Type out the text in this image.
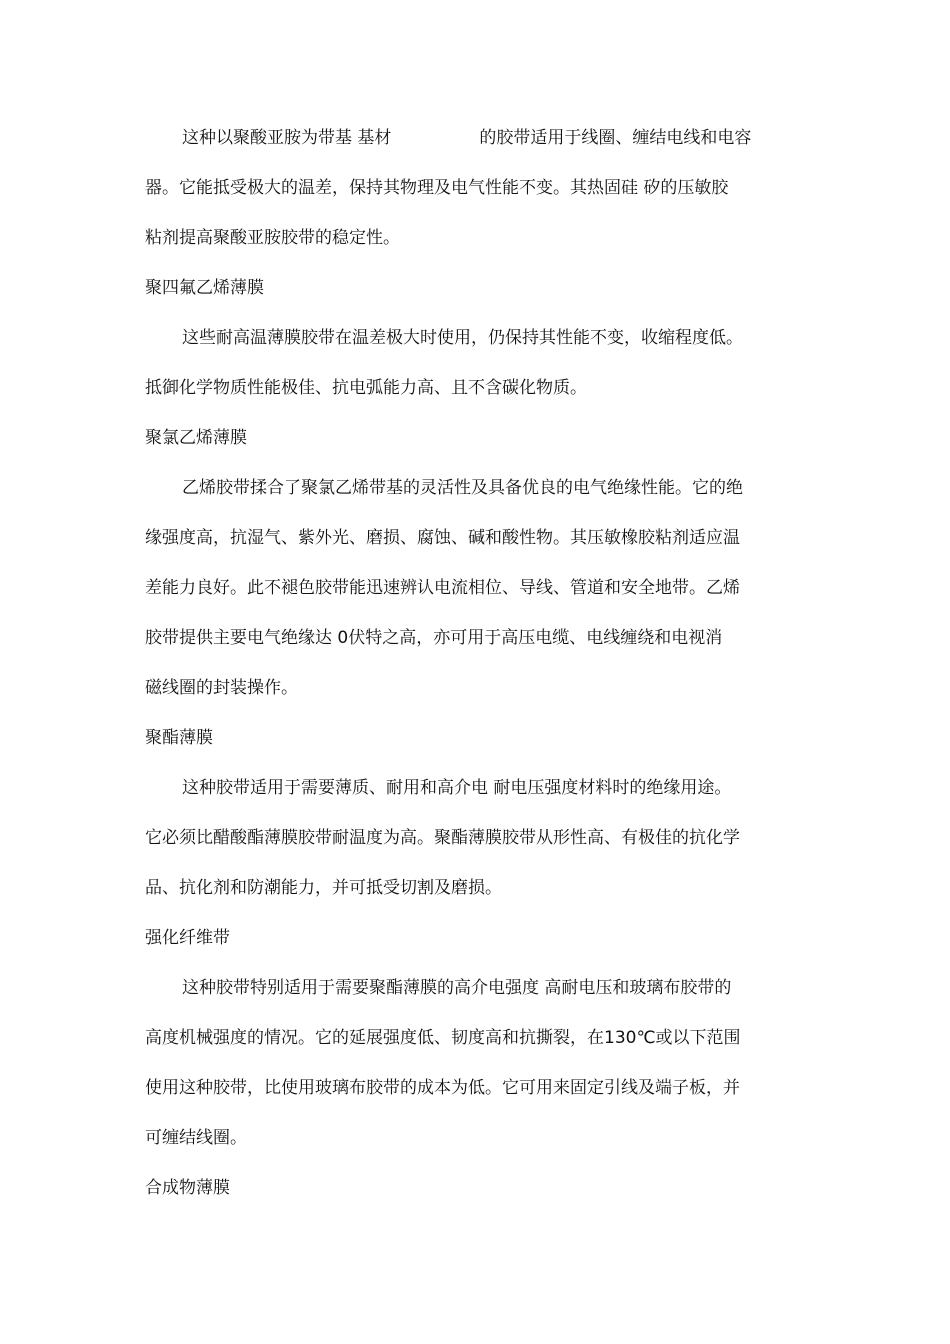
这种以聚酸亚胺为带基 基材	的胶带适用于线圈、缠结电线和电容
器。它能抵受极大的温差，保持其物理及电气性能不变。其热固硅 矽的压敏胶
粘剂提高聚酸亚胺胶带的稳定性。
聚四氟乙烯薄膜
这些耐高温薄膜胶带在温差极大时使用，仍保持其性能不变，收缩程度低。
抵御化学物质性能极佳、抗电弧能力高、且不含碳化物质。
聚氯乙烯薄膜
乙烯胶带揉合了聚氯乙烯带基的灵活性及具备优良的电气绝缘性能。它的绝
缘强度高，抗湿气、紫外光、磨损、腐蚀、碱和酸性物。其压敏橡胶粘剂适应温
差能力良好。此不褪色胶带能迅速辨认电流相位、导线、管道和安全地带。乙烯
胶带提供主要电气绝缘达 0伏特之高，亦可用于高压电缆、电线缠绕和电视消
磁线圈的封装操作。
聚酯薄膜
这种胶带适用于需要薄质、耐用和高介电 耐电压强度材料时的绝缘用途。
它必须比醋酸酯薄膜胶带耐温度为高。聚酯薄膜胶带从形性高、有极佳的抗化学
品、抗化剂和防潮能力，并可抵受切割及磨损。
强化纤维带
这种胶带特别适用于需要聚酯薄膜的高介电强度 高耐电压和玻璃布胶带的
高度机械强度的情况。它的延展强度低、韧度高和抗撕裂，在130℃或以下范围
使用这种胶带，比使用玻璃布胶带的成本为低。它可用来固定引线及端子板，并
可缠结线圈。
合成物薄膜
